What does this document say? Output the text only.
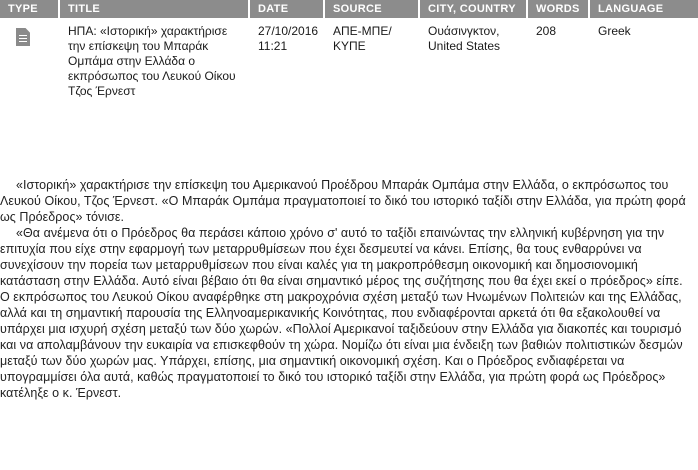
TYPE	TITLE	DATE	SOURCE	CITY, COUNTRY	WORDS	LANGUAGE

	ΗΠΑ: «Ιστορική» χαρακτήρισε την επίσκεψη του Μπαράκ Ομπάμα στην Ελλάδα ο εκπρόσωπος του Λευκού Οίκου Τζος Έρνεστ	27/10/2016 11:21	ΑΠΕ-ΜΠΕ/ ΚΥΠΕ	Ουάσινγκτον, United States	208	Greek

«Ιστορική» χαρακτήρισε την επίσκεψη του Αμερικανού Προέδρου Μπαράκ Ομπάμα στην Ελλάδα, ο εκπρόσωπος του Λευκού Οίκου, Τζος Έρνεστ. «Ο Μπαράκ Ομπάμα πραγματοποιεί το δικό του ιστορικό ταξίδι στην Ελλάδα, για πρώτη φορά ως Πρόεδρος» τόνισε.

«Θα ανέμενα ότι ο Πρόεδρος θα περάσει κάποιο χρόνο σ' αυτό το ταξίδι επαινώντας την ελληνική κυβέρνηση για την επιτυχία που είχε στην εφαρμογή των μεταρρυθμίσεων που έχει δεσμευτεί να κάνει. Επίσης, θα τους ενθαρρύνει να συνεχίσουν την πορεία των μεταρρυθμίσεων που είναι καλές για τη μακροπρόθεσμη οικονομική και δημοσιονομική κατάσταση στην Ελλάδα. Αυτό είναι βέβαιο ότι θα είναι σημαντικό μέρος της συζήτησης που θα έχει εκεί ο πρόεδρος» είπε.

Ο εκπρόσωπος του Λευκού Οίκου αναφέρθηκε στη μακροχρόνια σχέση μεταξύ των Ηνωμένων Πολιτειών και της Ελλάδας, αλλά και τη σημαντική παρουσία της Ελληνοαμερικανικής Κοινότητας, που ενδιαφέρονται αρκετά ότι θα εξακολουθεί να υπάρχει μια ισχυρή σχέση μεταξύ των δύο χωρών. «Πολλοί Αμερικανοί ταξιδεύουν στην Ελλάδα για διακοπές και τουρισμό και να απολαμβάνουν την ευκαιρία να επισκεφθούν τη χώρα. Νομίζω ότι είναι μια ένδειξη των βαθιών πολιτιστικών δεσμών μεταξύ των δύο χωρών μας. Υπάρχει, επίσης, μια σημαντική οικονομική σχέση. Και ο Πρόεδρος ενδιαφέρεται να υπογραμμίσει όλα αυτά, καθώς πραγματοποιεί το δικό του ιστορικό ταξίδι στην Ελλάδα, για πρώτη φορά ως Πρόεδρος» κατέληξε ο κ. Έρνεστ.
